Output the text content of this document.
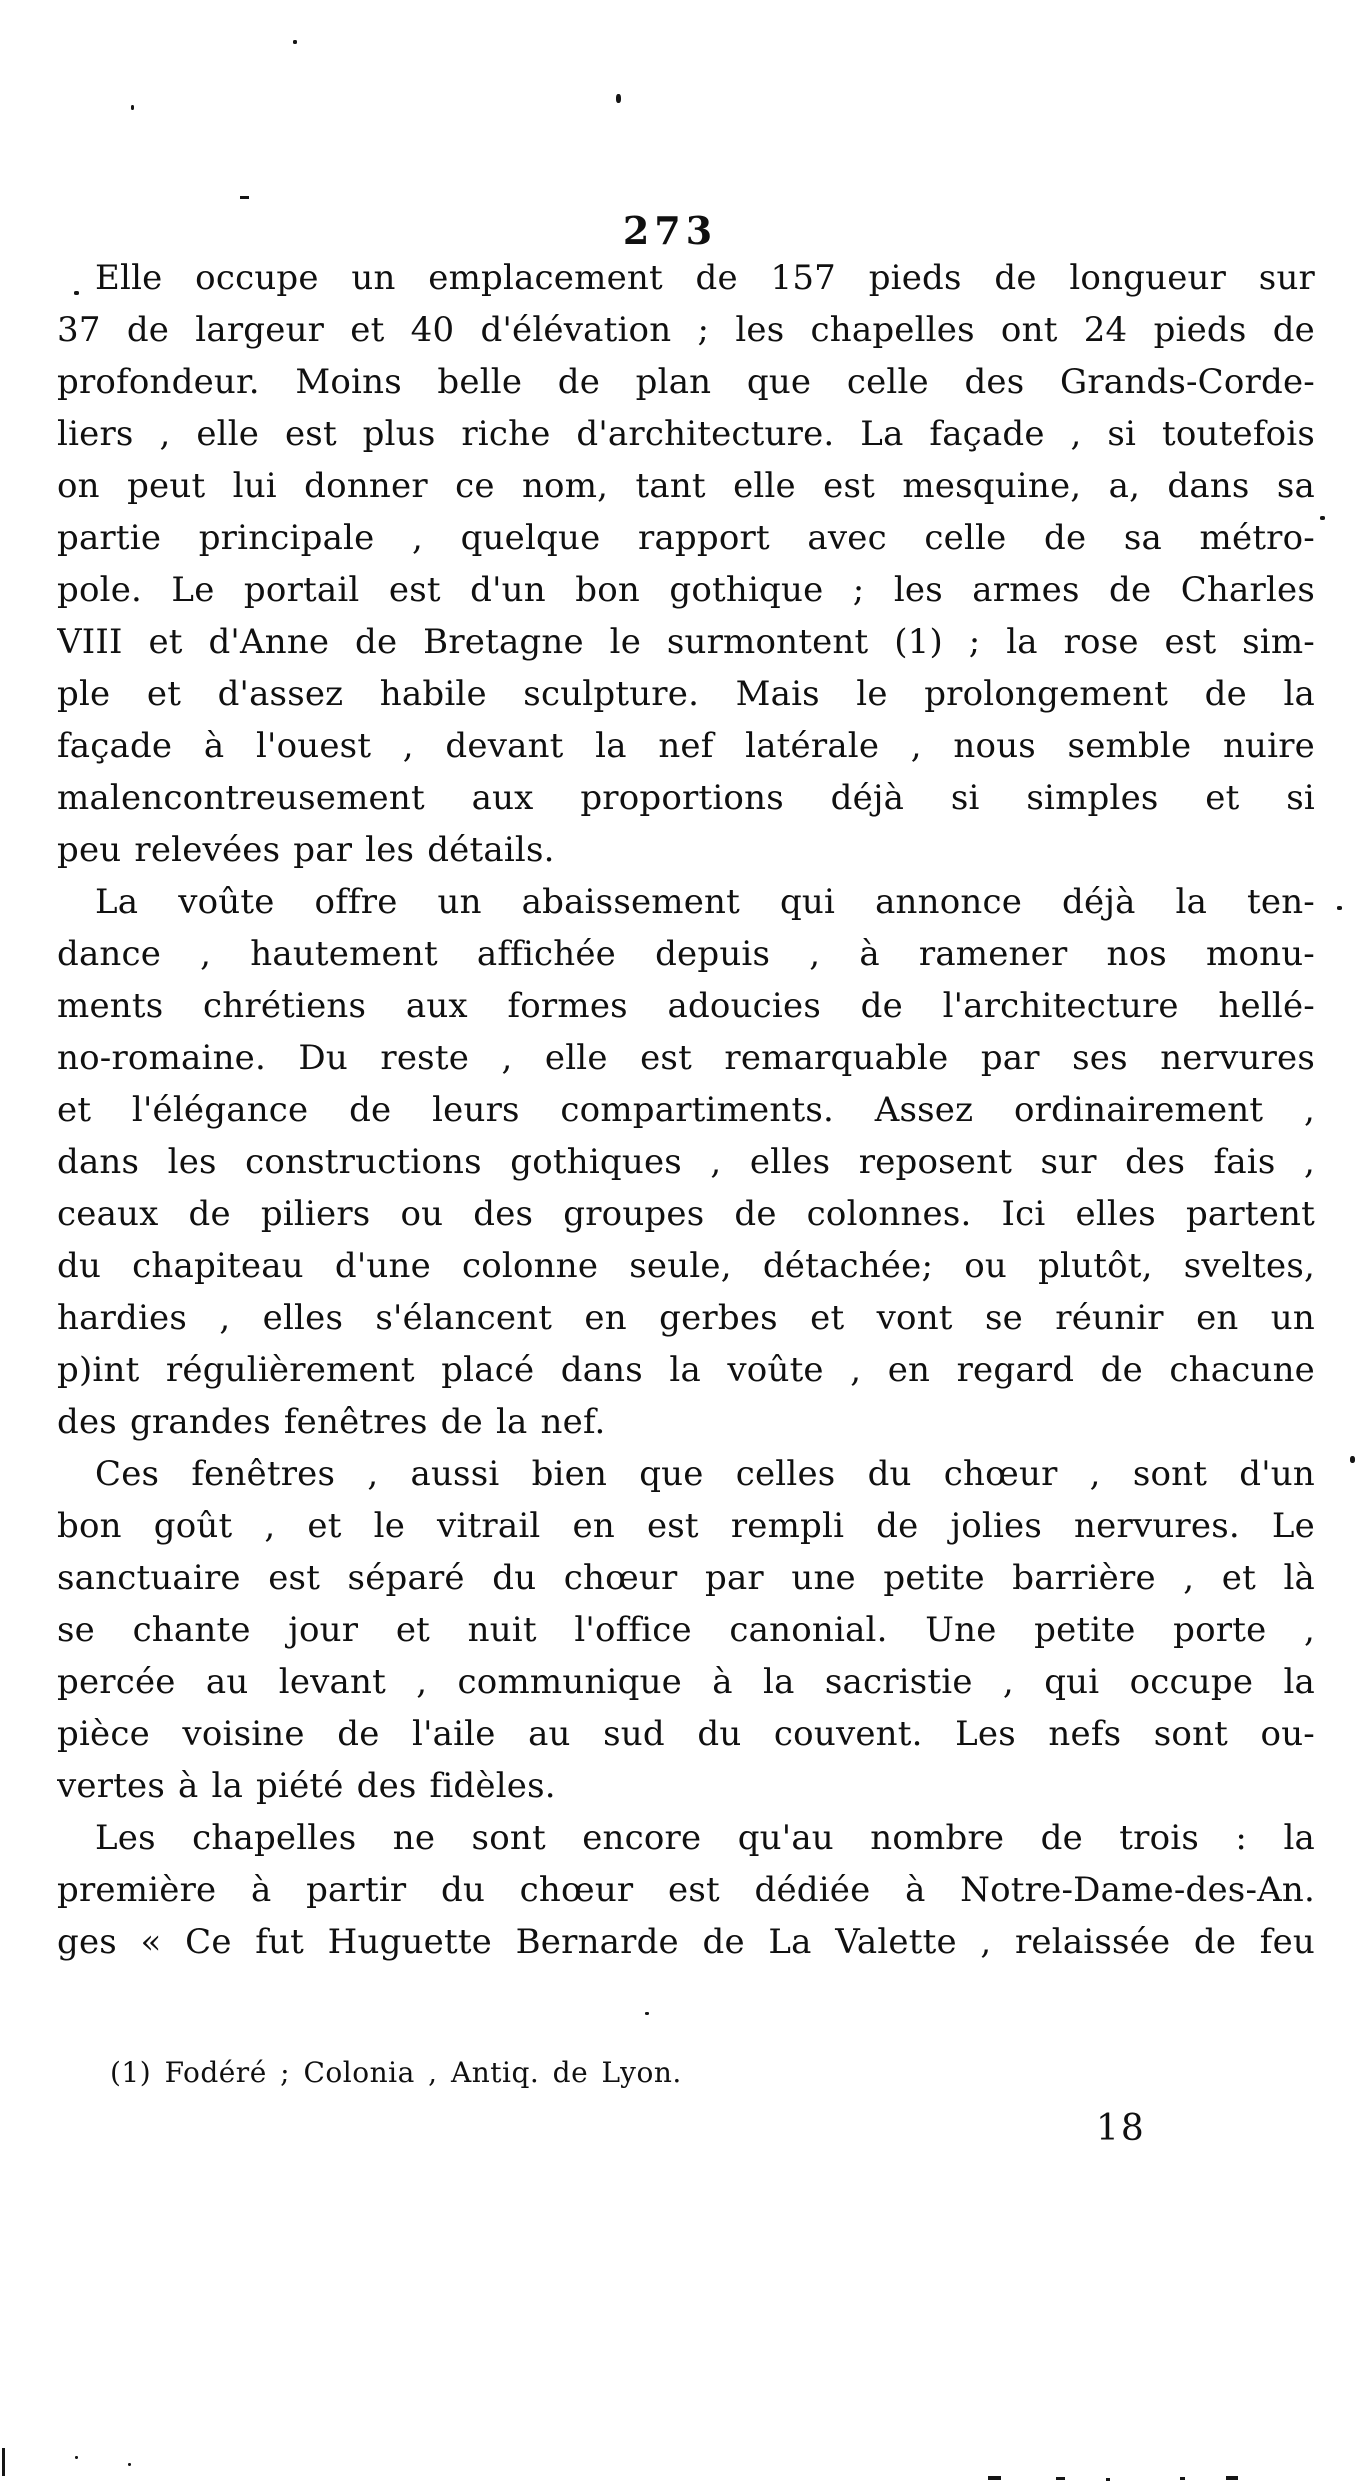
273
Elle occupe un emplacement de 157 pieds de longueur sur
37 de largeur et 40 d'élévation ; les chapelles ont 24 pieds de
profondeur. Moins belle de plan que celle des Grands-Corde-
liers , elle est plus riche d'architecture. La façade , si toutefois
on peut lui donner ce nom, tant elle est mesquine, a, dans sa
partie principale , quelque rapport avec celle de sa métro-
pole. Le portail est d'un bon gothique ; les armes de Charles
VIII et d'Anne de Bretagne le surmontent (1) ; la rose est sim-
ple et d'assez habile sculpture. Mais le prolongement de la
façade à l'ouest , devant la nef latérale , nous semble nuire
malencontreusement aux proportions déjà si simples et si
peu relevées par les détails.
La voûte offre un abaissement qui annonce déjà la ten-
dance , hautement affichée depuis , à ramener nos monu-
ments chrétiens aux formes adoucies de l'architecture hellé-
no-romaine. Du reste , elle est remarquable par ses nervures
et l'élégance de leurs compartiments. Assez ordinairement ,
dans les constructions gothiques , elles reposent sur des fais ,
ceaux de piliers ou des groupes de colonnes. Ici elles partent
du chapiteau d'une colonne seule, détachée; ou plutôt, sveltes,
hardies , elles s'élancent en gerbes et vont se réunir en un
p)int régulièrement placé dans la voûte , en regard de chacune
des grandes fenêtres de la nef.
Ces fenêtres , aussi bien que celles du chœur , sont d'un
bon goût , et le vitrail en est rempli de jolies nervures. Le
sanctuaire est séparé du chœur par une petite barrière , et là
se chante jour et nuit l'office canonial. Une petite porte ,
percée au levant , communique à la sacristie , qui occupe la
pièce voisine de l'aile au sud du couvent. Les nefs sont ou-
vertes à la piété des fidèles.
Les chapelles ne sont encore qu'au nombre de trois : la
première à partir du chœur est dédiée à Notre-Dame-des-An.
ges « Ce fut Huguette Bernarde de La Valette , relaissée de feu
(1) Fodéré ; Colonia , Antiq. de Lyon.
18
